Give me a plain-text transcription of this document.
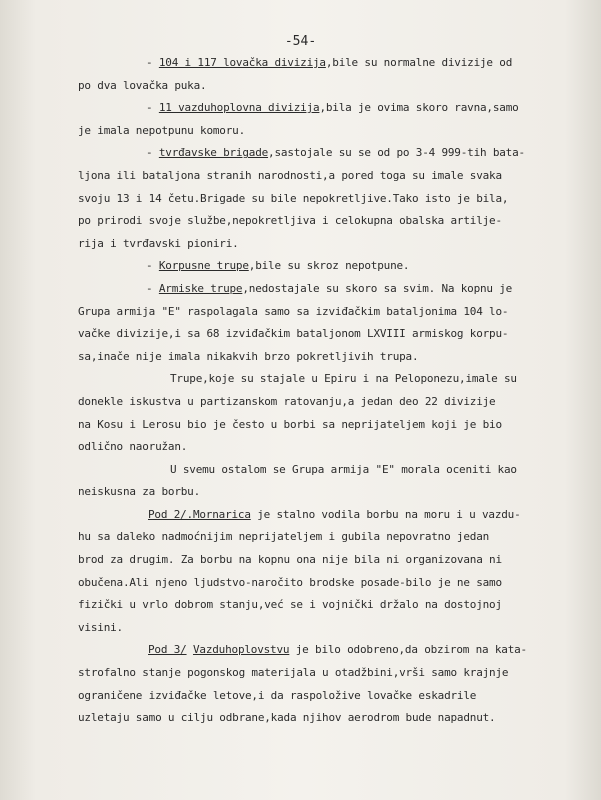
-54-
- 104 i 117 lovačka divizija,bile su normalne divizije od
po dva lovačka puka.
- 11 vazduhoplovna divizija,bila je ovima skoro ravna,samo
je imala nepotpunu komoru.
- tvrđavske brigade,sastojale su se od po 3-4 999-tih bata-
ljona ili bataljona stranih narodnosti,a pored toga su imale svaka
svoju 13 i 14 četu.Brigade su bile nepokretljive.Tako isto je bila,
po prirodi svoje službe,nepokretljiva i celokupna obalska artilje-
rija i tvrđavski pioniri.
- Korpusne trupe,bile su skroz nepotpune.
- Armiske trupe,nedostajale su skoro sa svim. Na kopnu je
Grupa armija "E" raspolagala samo sa izviđačkim bataljonima 104 lo-
vačke divizije,i sa 68 izviđačkim bataljonom LXVIII armiskog korpu-
sa,inače nije imala nikakvih brzo pokretljivih trupa.
Trupe,koje su stajale u Epiru i na Peloponezu,imale su
donekle iskustva u partizanskom ratovanju,a jedan deo 22 divizije
na Kosu i Lerosu bio je često u borbi sa neprijateljem koji je bio
odlično naoružan.
U svemu ostalom se Grupa armija "E" morala oceniti kao
neiskusna za borbu.
Pod 2/.Mornarica je stalno vodila borbu na moru i u vazdu-
hu sa daleko nadmoćnijim neprijateljem i gubila nepovratno jedan
brod za drugim. Za borbu na kopnu ona nije bila ni organizovana ni
obučena.Ali njeno ljudstvo-naročito brodske posade-bilo je ne samo
fizički u vrlo dobrom stanju,već se i vojnički držalo na dostojnoj
visini.
Pod 3/ Vazduhoplovstvu je bilo odobreno,da obzirom na kata-
strofalno stanje pogonskog materijala u otadžbini,vrši samo krajnje
ograničene izviđačke letove,i da raspoložive lovačke eskadrile
uzletaju samo u cilju odbrane,kada njihov aerodrom bude napadnut.
